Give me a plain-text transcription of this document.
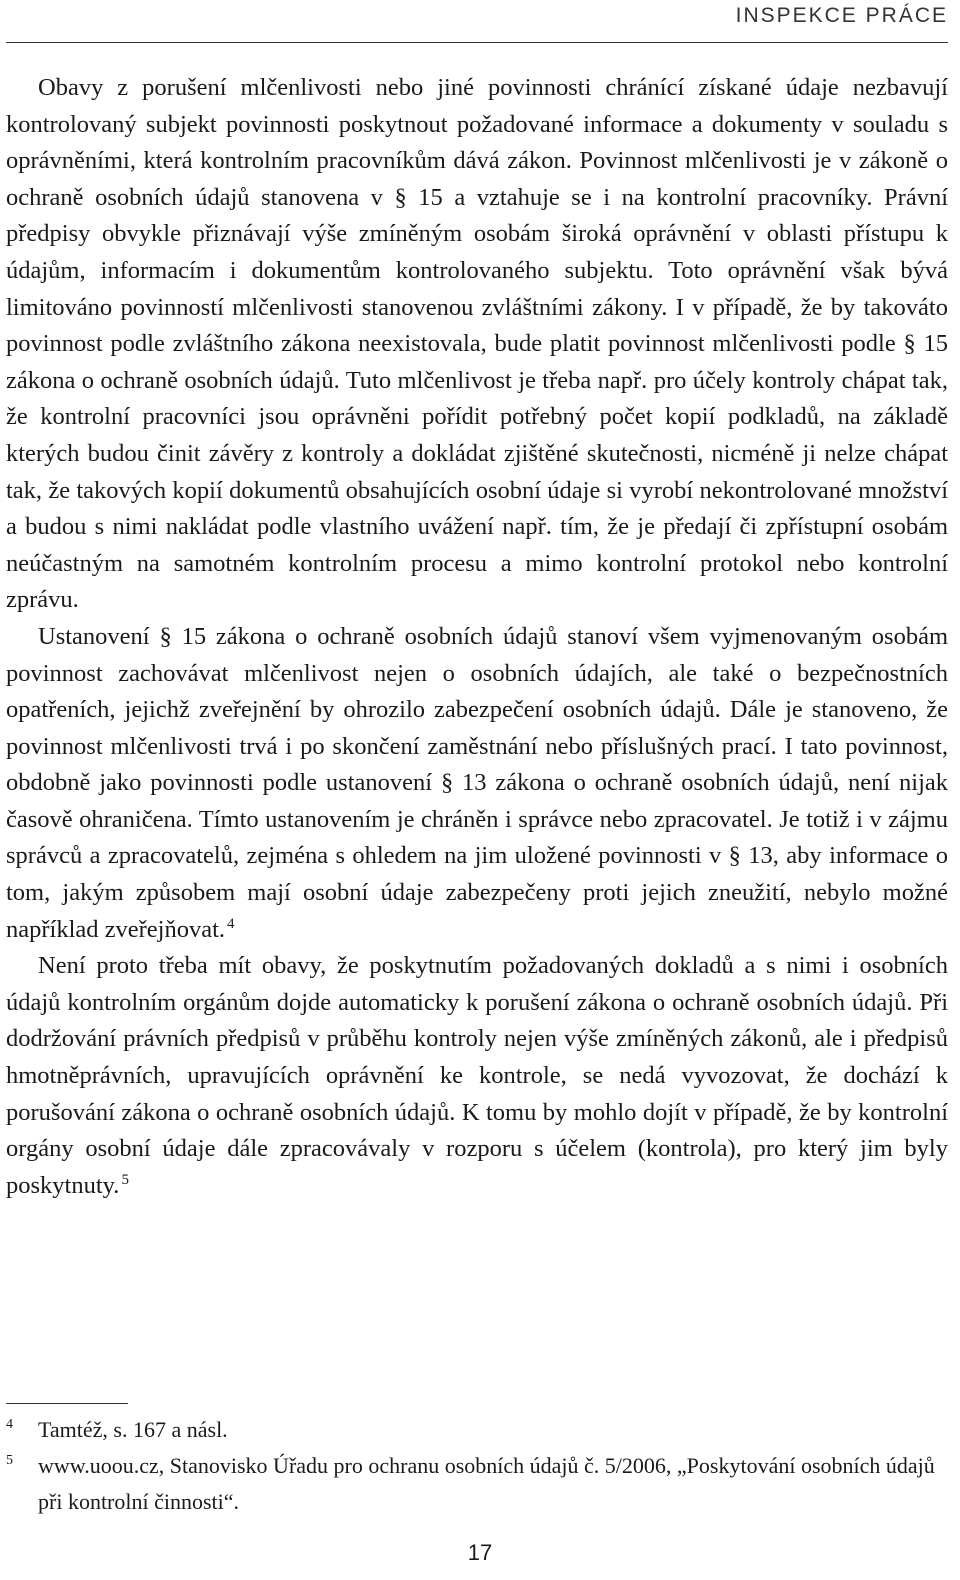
INSPEKCE PRÁCE

Obavy z porušení mlčenlivosti nebo jiné povinnosti chránící získané údaje nezbavují kontrolovaný subjekt povinnosti poskytnout požadované informace a dokumenty v souladu s oprávněními, která kontrolním pracovníkům dává zákon. Povinnost mlčenlivosti je v zákoně o ochraně osobních údajů stanovena v § 15 a vztahuje se i na kontrolní pracovníky. Právní předpisy obvykle přiznávají výše zmíněným osobám široká oprávnění v oblasti přístupu k údajům, informacím i dokumentům kontrolovaného subjektu. Toto oprávnění však bývá limitováno povinností mlčenlivosti stanovenou zvláštními zákony. I v případě, že by takováto povinnost podle zvláštního zákona neexistovala, bude platit povinnost mlčenlivosti podle § 15 zákona o ochraně osobních údajů. Tuto mlčenlivost je třeba např. pro účely kontroly chápat tak, že kontrolní pracovníci jsou oprávněni pořídit potřebný počet kopií podkladů, na základě kterých budou činit závěry z kontroly a dokládat zjištěné skutečnosti, nicméně ji nelze chápat tak, že takových kopií dokumentů obsahujících osobní údaje si vyrobí nekontrolované množství a budou s nimi nakládat podle vlastního uvážení např. tím, že je předají či zpřístupní osobám neúčastným na samotném kontrolním procesu a mimo kontrolní protokol nebo kontrolní zprávu.

Ustanovení § 15 zákona o ochraně osobních údajů stanoví všem vyjmenovaným osobám povinnost zachovávat mlčenlivost nejen o osobních údajích, ale také o bezpečnostních opatřeních, jejichž zveřejnění by ohrozilo zabezpečení osobních údajů. Dále je stanoveno, že povinnost mlčenlivosti trvá i po skončení zaměstnání nebo příslušných prací. I tato povinnost, obdobně jako povinnosti podle ustanovení § 13 zákona o ochraně osobních údajů, není nijak časově ohraničena. Tímto ustanovením je chráněn i správce nebo zpracovatel. Je totiž i v zájmu správců a zpracovatelů, zejména s ohledem na jim uložené povinnosti v § 13, aby informace o tom, jakým způsobem mají osobní údaje zabezpečeny proti jejich zneužití, nebylo možné například zveřejňovat. $^4$

Není proto třeba mít obavy, že poskytnutím požadovaných dokladů a s nimi i osobních údajů kontrolním orgánům dojde automaticky k porušení zákona o ochraně osobních údajů. Při dodržování právních předpisů v průběhu kontroly nejen výše zmíněných zákonů, ale i předpisů hmotněprávních, upravujících oprávnění ke kontrole, se nedá vyvozovat, že dochází k porušování zákona o ochraně osobních údajů. K tomu by mohlo dojít v případě, že by kontrolní orgány osobní údaje dále zpracovávaly v rozporu s účelem (kontrola), pro který jim byly poskytnuty. $^5$

4	Tamtéž, s. 167 a násl.
5	www.uoou.cz, Stanovisko Úřadu pro ochranu osobních údajů č. 5/2006, „Poskytování osobních údajů při kontrolní činnosti“.
17
